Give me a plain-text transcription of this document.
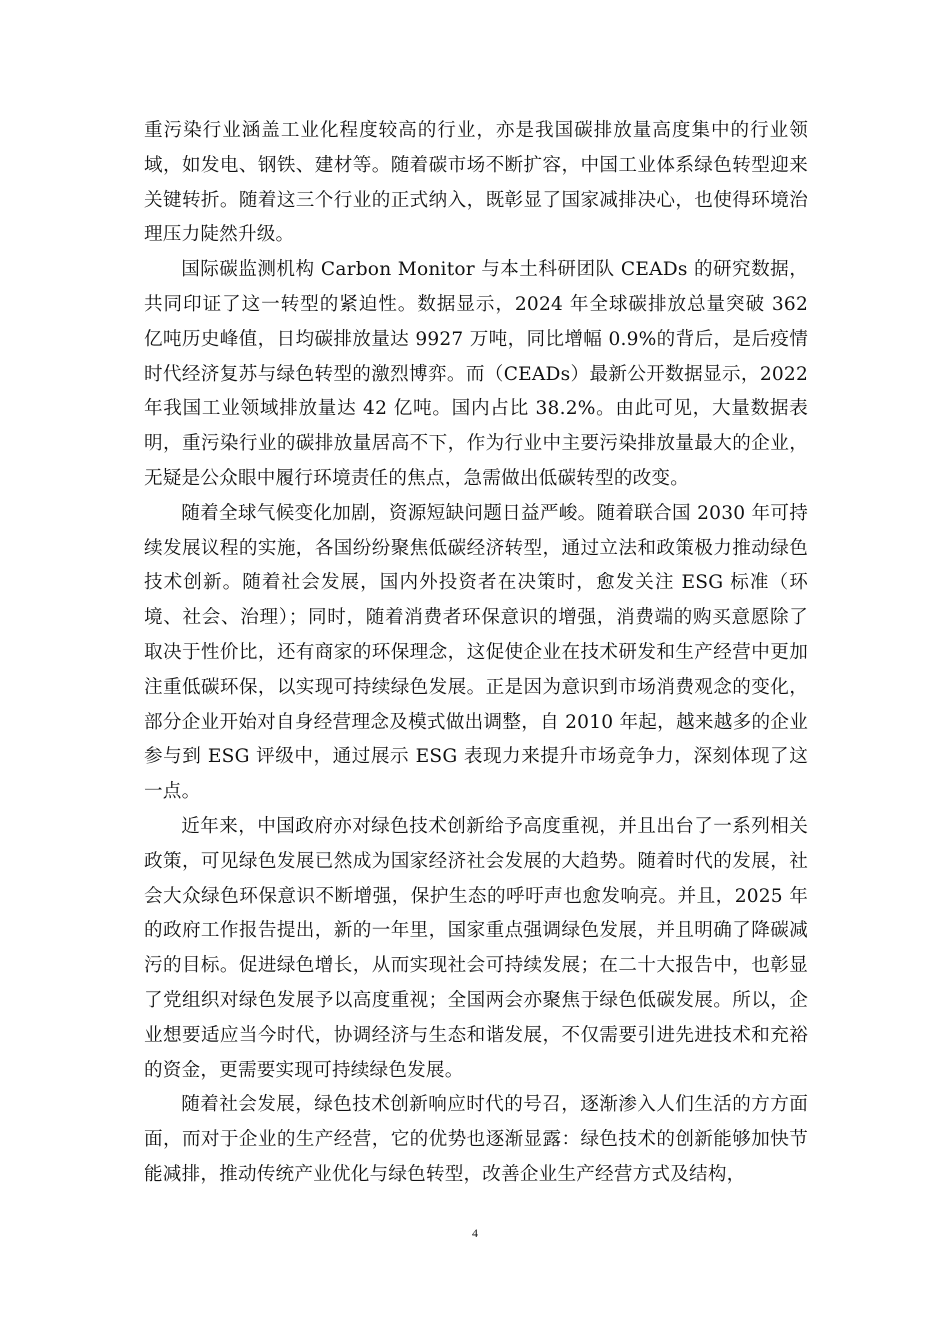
重污染行业涵盖工业化程度较高的行业，亦是我国碳排放量高度集中的行业领域，如发电、钢铁、建材等。随着碳市场不断扩容，中国工业体系绿色转型迎来关键转折。随着这三个行业的正式纳入，既彰显了国家减排决心，也使得环境治理压力陡然升级。

国际碳监测机构 Carbon Monitor 与本土科研团队 CEADs 的研究数据，共同印证了这一转型的紧迫性。数据显示，2024 年全球碳排放总量突破 362 亿吨历史峰值，日均碳排放量达 9927 万吨，同比增幅 0.9%的背后，是后疫情时代经济复苏与绿色转型的激烈博弈。而（CEADs）最新公开数据显示，2022 年我国工业领域排放量达 42 亿吨。国内占比 38.2%。由此可见，大量数据表明，重污染行业的碳排放量居高不下，作为行业中主要污染排放量最大的企业，无疑是公众眼中履行环境责任的焦点，急需做出低碳转型的改变。

随着全球气候变化加剧，资源短缺问题日益严峻。随着联合国 2030 年可持续发展议程的实施，各国纷纷聚焦低碳经济转型，通过立法和政策极力推动绿色技术创新。随着社会发展，国内外投资者在决策时，愈发关注 ESG 标准（环境、社会、治理）；同时，随着消费者环保意识的增强，消费端的购买意愿除了取决于性价比，还有商家的环保理念，这促使企业在技术研发和生产经营中更加注重低碳环保，以实现可持续绿色发展。正是因为意识到市场消费观念的变化，部分企业开始对自身经营理念及模式做出调整，自 2010 年起，越来越多的企业参与到 ESG 评级中，通过展示 ESG 表现力来提升市场竞争力，深刻体现了这一点。

近年来，中国政府亦对绿色技术创新给予高度重视，并且出台了一系列相关政策，可见绿色发展已然成为国家经济社会发展的大趋势。随着时代的发展，社会大众绿色环保意识不断增强，保护生态的呼吁声也愈发响亮。并且，2025 年的政府工作报告提出，新的一年里，国家重点强调绿色发展，并且明确了降碳减污的目标。促进绿色增长，从而实现社会可持续发展；在二十大报告中，也彰显了党组织对绿色发展予以高度重视；全国两会亦聚焦于绿色低碳发展。所以，企业想要适应当今时代，协调经济与生态和谐发展，不仅需要引进先进技术和充裕的资金，更需要实现可持续绿色发展。

随着社会发展，绿色技术创新响应时代的号召，逐渐渗入人们生活的方方面面，而对于企业的生产经营，它的优势也逐渐显露：绿色技术的创新能够加快节能减排，推动传统产业优化与绿色转型，改善企业生产经营方式及结构，

4
